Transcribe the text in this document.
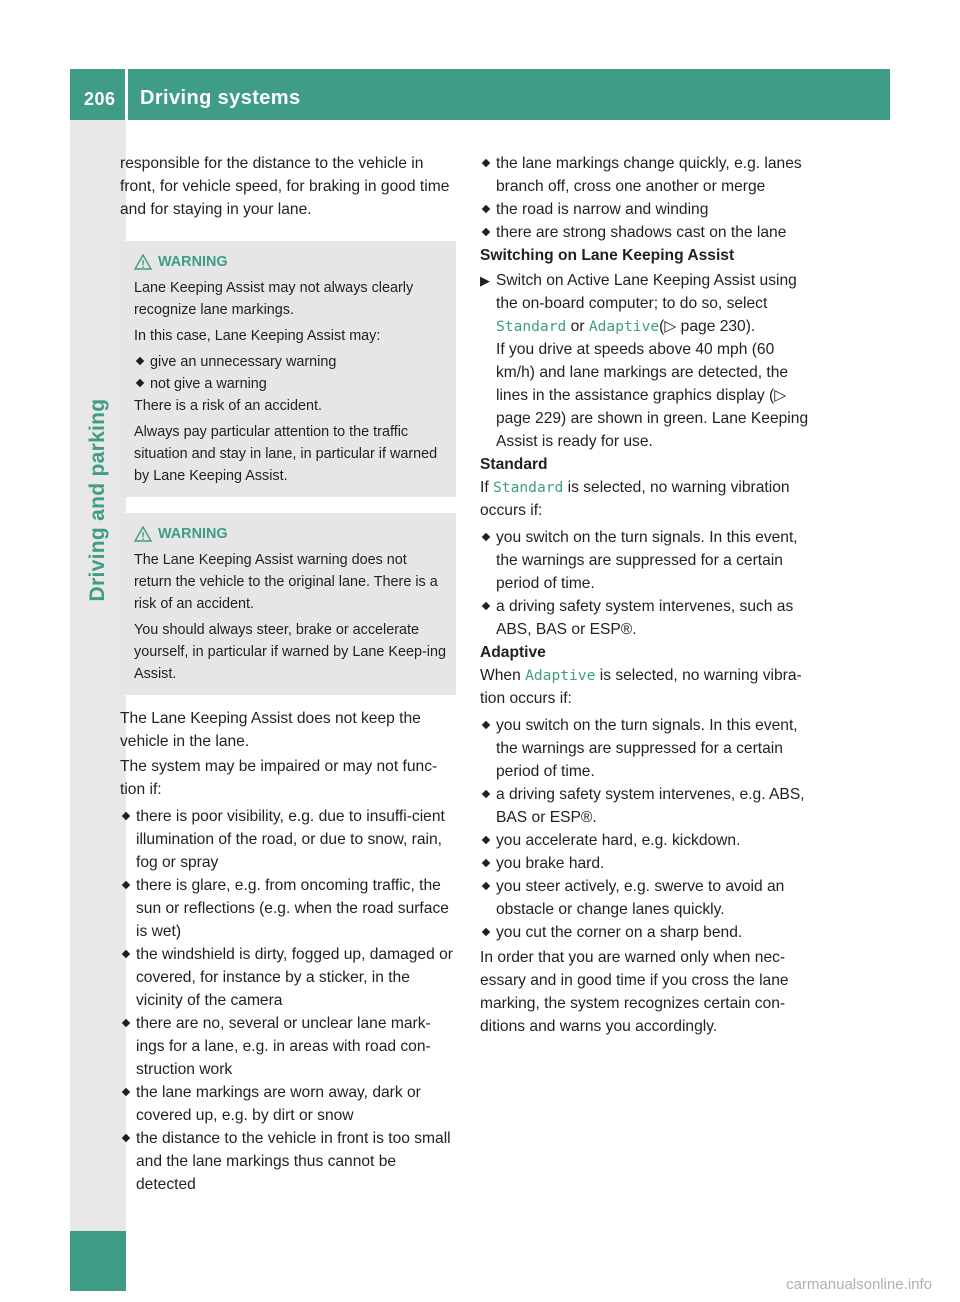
Driving and parking
206 Driving systems

responsible for the distance to the vehicle in front, for vehicle speed, for braking in good time and for staying in your lane.

WARNING

Lane Keeping Assist may not always clearly recognize lane markings.

In this case, Lane Keeping Assist may:

give an unnecessary warning
not give a warning

There is a risk of an accident.

Always pay particular attention to the traffic situation and stay in lane, in particular if warned by Lane Keeping Assist.

WARNING

The Lane Keeping Assist warning does not return the vehicle to the original lane. There is a risk of an accident.

You should always steer, brake or accelerate yourself, in particular if warned by Lane Keep-ing Assist.

The Lane Keeping Assist does not keep the vehicle in the lane.

The system may be impaired or may not func-tion if:

there is poor visibility, e.g. due to insuffi-cient illumination of the road, or due to snow, rain, fog or spray
there is glare, e.g. from oncoming traffic, the sun or reflections (e.g. when the road surface is wet)
the windshield is dirty, fogged up, damaged or covered, for instance by a sticker, in the vicinity of the camera
there are no, several or unclear lane mark-ings for a lane, e.g. in areas with road con-struction work
the lane markings are worn away, dark or covered up, e.g. by dirt or snow
the distance to the vehicle in front is too small and the lane markings thus cannot be detected
the lane markings change quickly, e.g. lanes branch off, cross one another or merge
the road is narrow and winding
there are strong shadows cast on the lane

Switching on Lane Keeping Assist

▶ Switch on Active Lane Keeping Assist using the on-board computer; to do so, select Standard or Adaptive(▷ page 230).
If you drive at speeds above 40 mph (60 km/h) and lane markings are detected, the lines in the assistance graphics display (▷ page 229) are shown in green. Lane Keeping Assist is ready for use.

Standard

If Standard is selected, no warning vibration occurs if:

you switch on the turn signals. In this event, the warnings are suppressed for a certain period of time.
a driving safety system intervenes, such as ABS, BAS or ESP®.

Adaptive

When Adaptive is selected, no warning vibra-tion occurs if:

you switch on the turn signals. In this event, the warnings are suppressed for a certain period of time.
a driving safety system intervenes, e.g. ABS, BAS or ESP®.
you accelerate hard, e.g. kickdown.
you brake hard.
you steer actively, e.g. swerve to avoid an obstacle or change lanes quickly.
you cut the corner on a sharp bend.

In order that you are warned only when nec-essary and in good time if you cross the lane marking, the system recognizes certain con-ditions and warns you accordingly.

carmanualsonline.info
